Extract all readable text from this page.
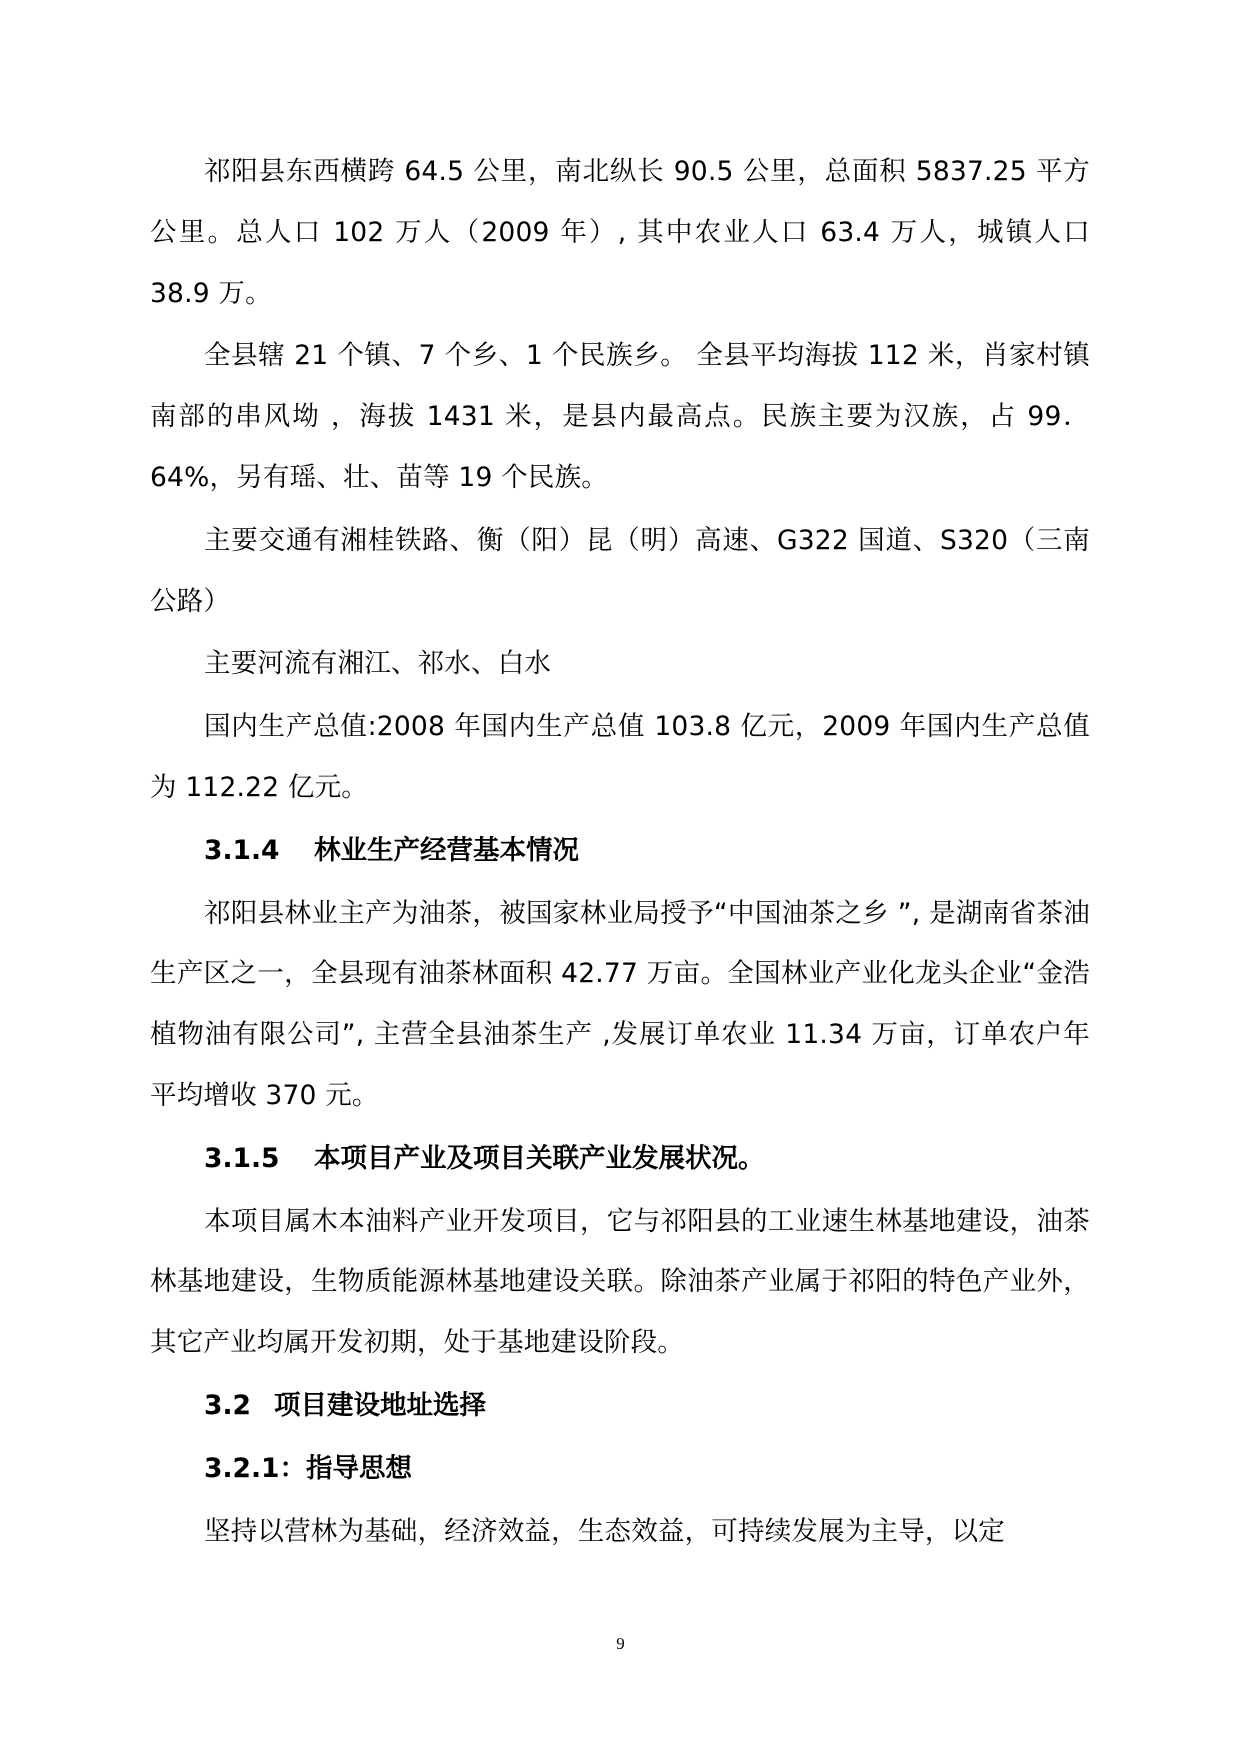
祁阳县东西横跨 64.5 公里，南北纵长 90.5 公里，总面积 5837.25 平方公里。总人口 102 万人（2009 年）, 其中农业人口 63.4 万人，城镇人口 38.9 万。

全县辖 21 个镇、7 个乡、1 个民族乡。 全县平均海拔 112 米，肖家村镇南部的串风坳 ，海拔 1431 米，是县内最高点。民族主要为汉族，占 99．64%，另有瑶、壮、苗等 19 个民族。

主要交通有湘桂铁路、衡（阳）昆（明）高速、G322 国道、S320（三南公路）

主要河流有湘江、祁水、白水

国内生产总值:2008 年国内生产总值 103.8 亿元，2009 年国内生产总值为 112.22 亿元。

3.1.4 林业生产经营基本情况

祁阳县林业主产为油茶，被国家林业局授予“中国油茶之乡 ”, 是湖南省茶油生产区之一，全县现有油茶林面积 42.77 万亩。全国林业产业化龙头企业“金浩植物油有限公司”, 主营全县油茶生产 ,发展订单农业 11.34 万亩，订单农户年平均增收 370 元。

3.1.5 本项目产业及项目关联产业发展状况。

本项目属木本油料产业开发项目，它与祁阳县的工业速生林基地建设，油茶林基地建设，生物质能源林基地建设关联。除油茶产业属于祁阳的特色产业外，其它产业均属开发初期，处于基地建设阶段。

3.2 项目建设地址选择
3.2.1：指导思想

坚持以营林为基础，经济效益，生态效益，可持续发展为主导，以定

9
